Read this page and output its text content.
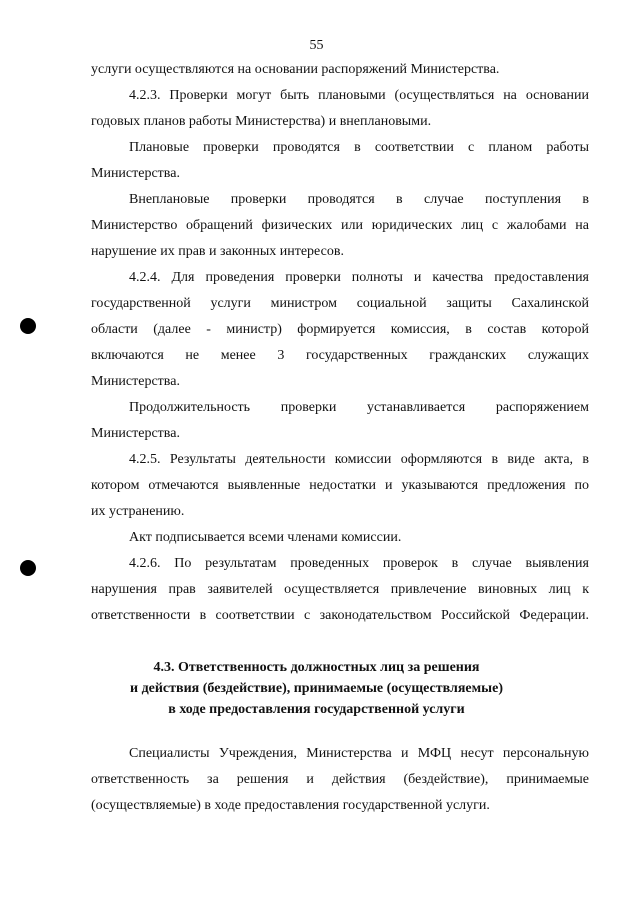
55
услуги осуществляются на основании распоряжений Министерства.
4.2.3. Проверки могут быть плановыми (осуществляться на основании
годовых планов работы Министерства) и внеплановыми.
Плановые проверки проводятся в соответствии с планом работы
Министерства.
Внеплановые проверки проводятся в случае поступления в
Министерство обращений физических или юридических лиц с жалобами на
нарушение их прав и законных интересов.
4.2.4. Для проведения проверки полноты и качества предоставления
государственной услуги министром социальной защиты Сахалинской
области (далее - министр) формируется комиссия, в состав которой
включаются не менее 3 государственных гражданских служащих
Министерства.
Продолжительность проверки устанавливается распоряжением
Министерства.
4.2.5. Результаты деятельности комиссии оформляются в виде акта, в
котором отмечаются выявленные недостатки и указываются предложения по
их устранению.
Акт подписывается всеми членами комиссии.
4.2.6. По результатам проведенных проверок в случае выявления
нарушения прав заявителей осуществляется привлечение виновных лиц к
ответственности в соответствии с законодательством Российской Федерации.
4.3. Ответственность должностных лиц за решения
и действия (бездействие), принимаемые (осуществляемые)
в ходе предоставления государственной услуги
Специалисты Учреждения, Министерства и МФЦ несут персональную
ответственность за решения и действия (бездействие), принимаемые
(осуществляемые) в ходе предоставления государственной услуги.
